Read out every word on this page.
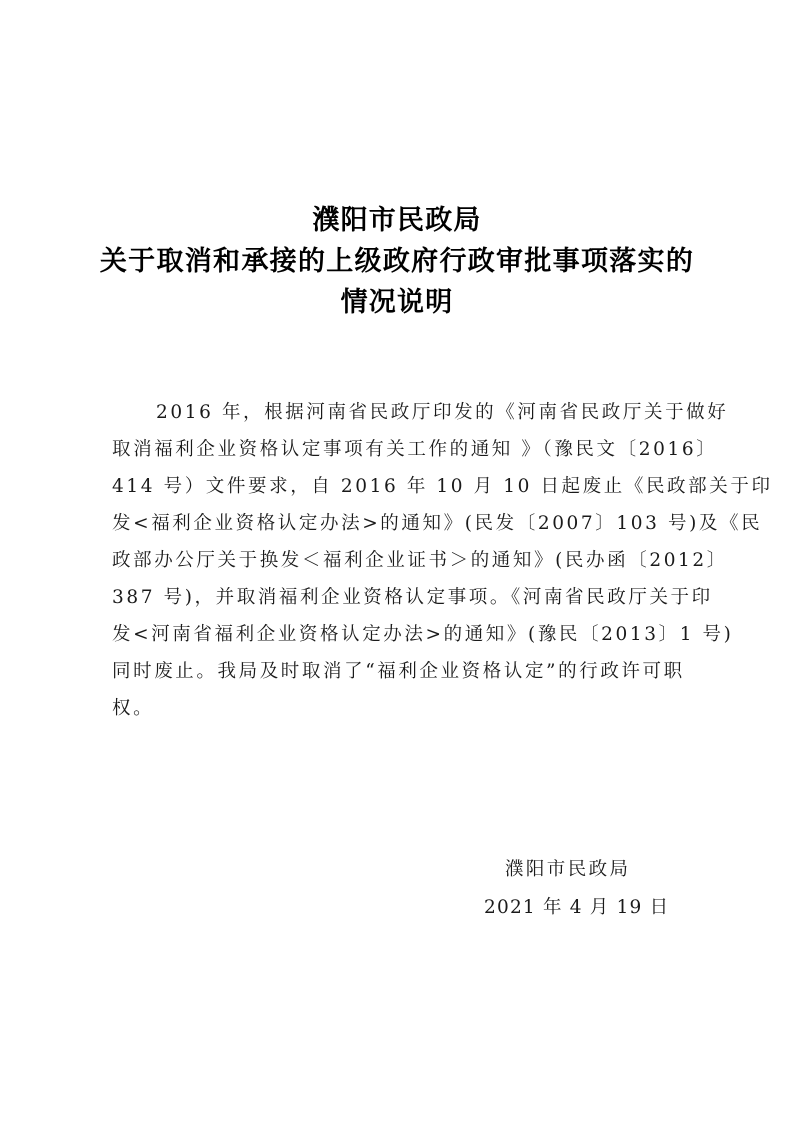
濮阳市民政局
关于取消和承接的上级政府行政审批事项落实的
情况说明
2016 年，根据河南省民政厅印发的《河南省民政厅关于做好
取消福利企业资格认定事项有关工作的通知 》（豫民文〔2016〕
414 号）文件要求，自 2016 年 10 月 10 日起废止《民政部关于印
发<福利企业资格认定办法>的通知》(民发〔2007〕103 号)及《民
政部办公厅关于换发＜福利企业证书＞的通知》(民办函〔2012〕
387 号)，并取消福利企业资格认定事项。《河南省民政厅关于印
发<河南省福利企业资格认定办法>的通知》(豫民〔2013〕1 号)
同时废止。我局及时取消了“福利企业资格认定”的行政许可职
权。
濮阳市民政局
2021 年 4 月 19 日
